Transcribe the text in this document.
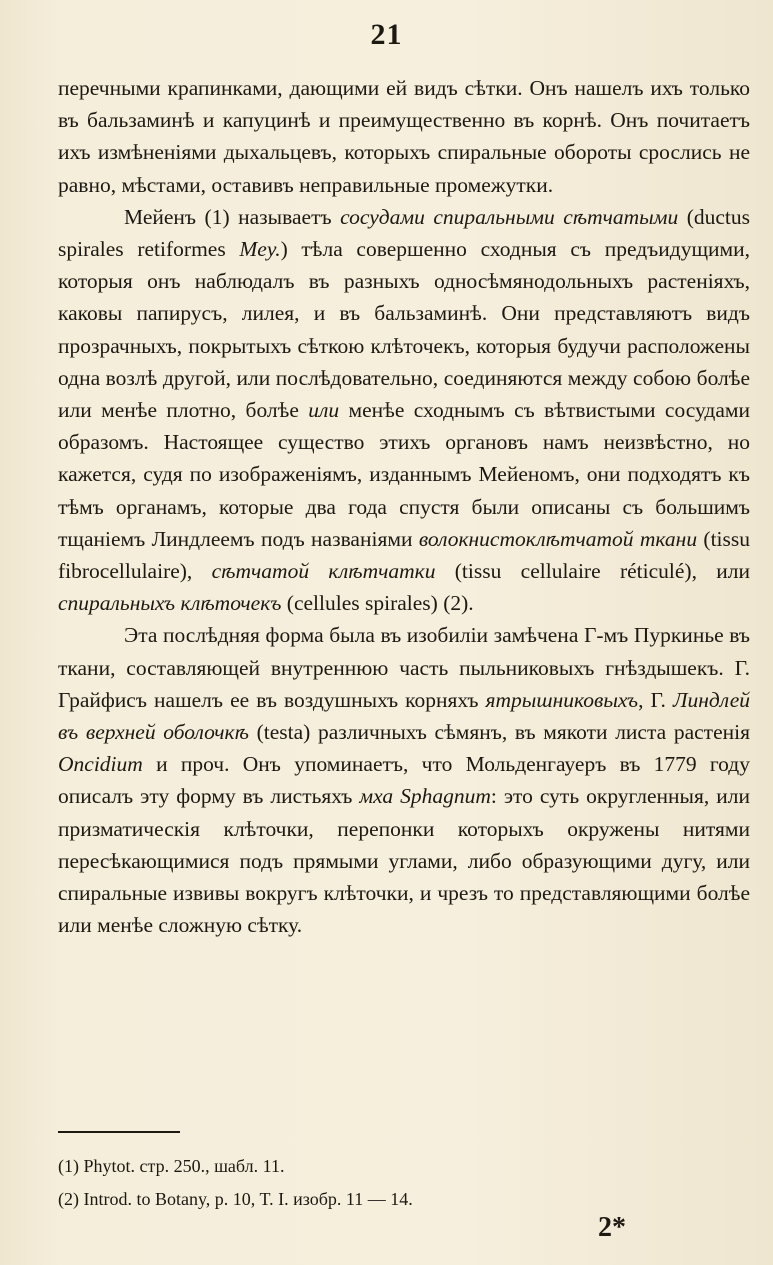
21

перечными крапинками, дающими ей видъ сѣтки. Онъ нашелъ ихъ только въ бальзаминѣ и капуцинѣ и преимущественно въ корнѣ. Онъ почитаетъ ихъ измѣненіями дыхальцевъ, которыхъ спиральные обороты срослись не равно, мѣстами, оставивъ неправильные промежутки.

Мейенъ (1) называетъ сосудами спиральными сѣтчатыми (ductus spirales retiformes Mey.) тѣла совершенно сходныя съ предъидущими, которыя онъ наблюдалъ въ разныхъ односѣмянодольныхъ растеніяхъ, каковы папирусъ, лилея, и въ бальзаминѣ. Они представляютъ видъ прозрачныхъ, покрытыхъ сѣткою клѣточекъ, которыя будучи расположены одна возлѣ другой, или послѣдовательно, соединяются между собою болѣе или менѣе плотно, болѣе или менѣе сходнымъ съ вѣтвистыми сосудами образомъ. Настоящее существо этихъ органовъ намъ неизвѣстно, но кажется, судя по изображеніямъ, изданнымъ Мейеномъ, они подходятъ къ тѣмъ органамъ, которые два года спустя были описаны съ большимъ тщаніемъ Линдлеемъ подъ названіями волокнистоклѣтчатой ткани (tissu fibrocellulaire), сѣтчатой клѣтчатки (tissu cellulaire réticulé), или спиральныхъ клѣточекъ (cellules spirales) (2).

Эта послѣдняя форма была въ изобиліи замѣчена Г-мъ Пуркинье въ ткани, составляющей внутреннюю часть пыльниковыхъ гнѣздышекъ. Г. Грайфисъ нашелъ ее въ воздушныхъ корняхъ ятрышниковыхъ, Г. Линдлей въ верхней оболочкѣ (testa) различныхъ сѣмянъ, въ мякоти листа растенія Oncidium и проч. Онъ упоминаетъ, что Мольденгауеръ въ 1779 году описалъ эту форму въ листьяхъ мха Sphagnum: это суть округленныя, или призматическія клѣточки, перепонки которыхъ окружены нитями пересѣкающимися подъ прямыми углами, либо образующими дугу, или спиральные извивы вокругъ клѣточки, и чрезъ то представляющими болѣе или менѣе сложную сѣтку.

(1) Phytot. стр. 250., шабл. 11.

(2) Introd. to Botany, p. 10, T. I. изобр. 11 — 14.

2*
